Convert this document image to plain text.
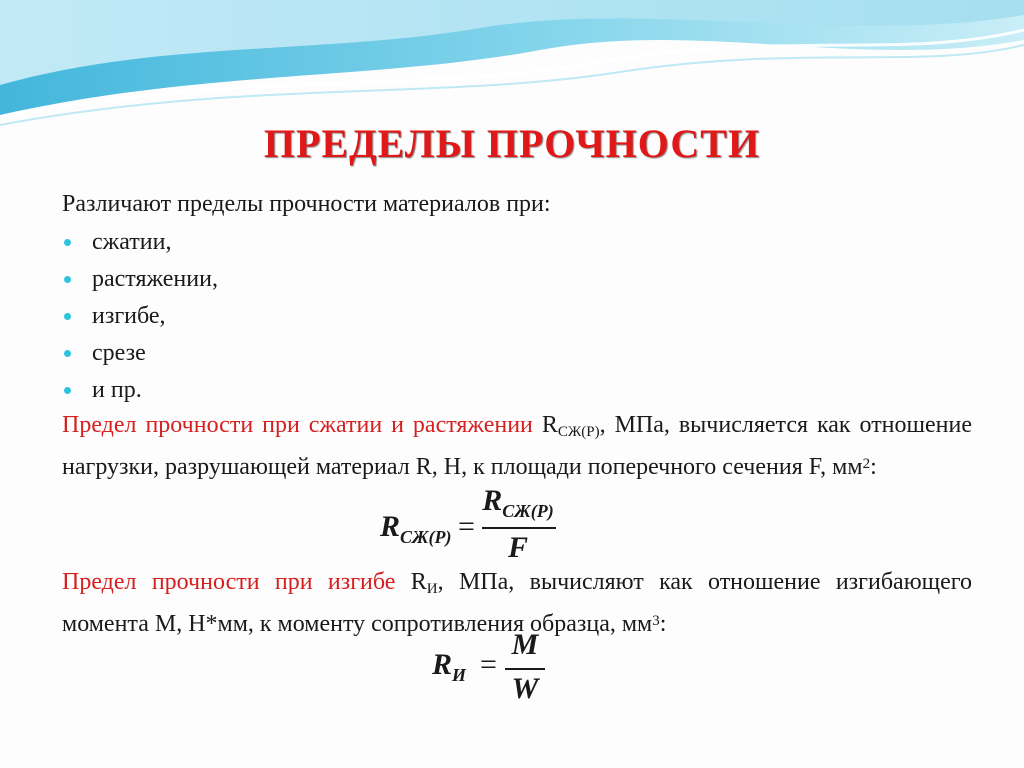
ПРЕДЕЛЫ ПРОЧНОСТИ

Различают пределы прочности материалов при:

сжатии,
растяжении,
изгибе,
срезе
и пр.

Предел прочности при сжатии и растяжении $R_{СЖ(Р)}$, МПа, вычисляется как отношение нагрузки, разрушающей материал R, Н, к площади поперечного сечения F, $мм^2$:

$R_{СЖ(Р)}$ =
$R_{СЖ(Р)}$
F

Предел прочности при изгибе $R_И$, МПа, вычисляют как отношение изгибающего момента М, Н*мм, к моменту сопротивления образца, $мм^3$:

$R_И$ =
M
W
